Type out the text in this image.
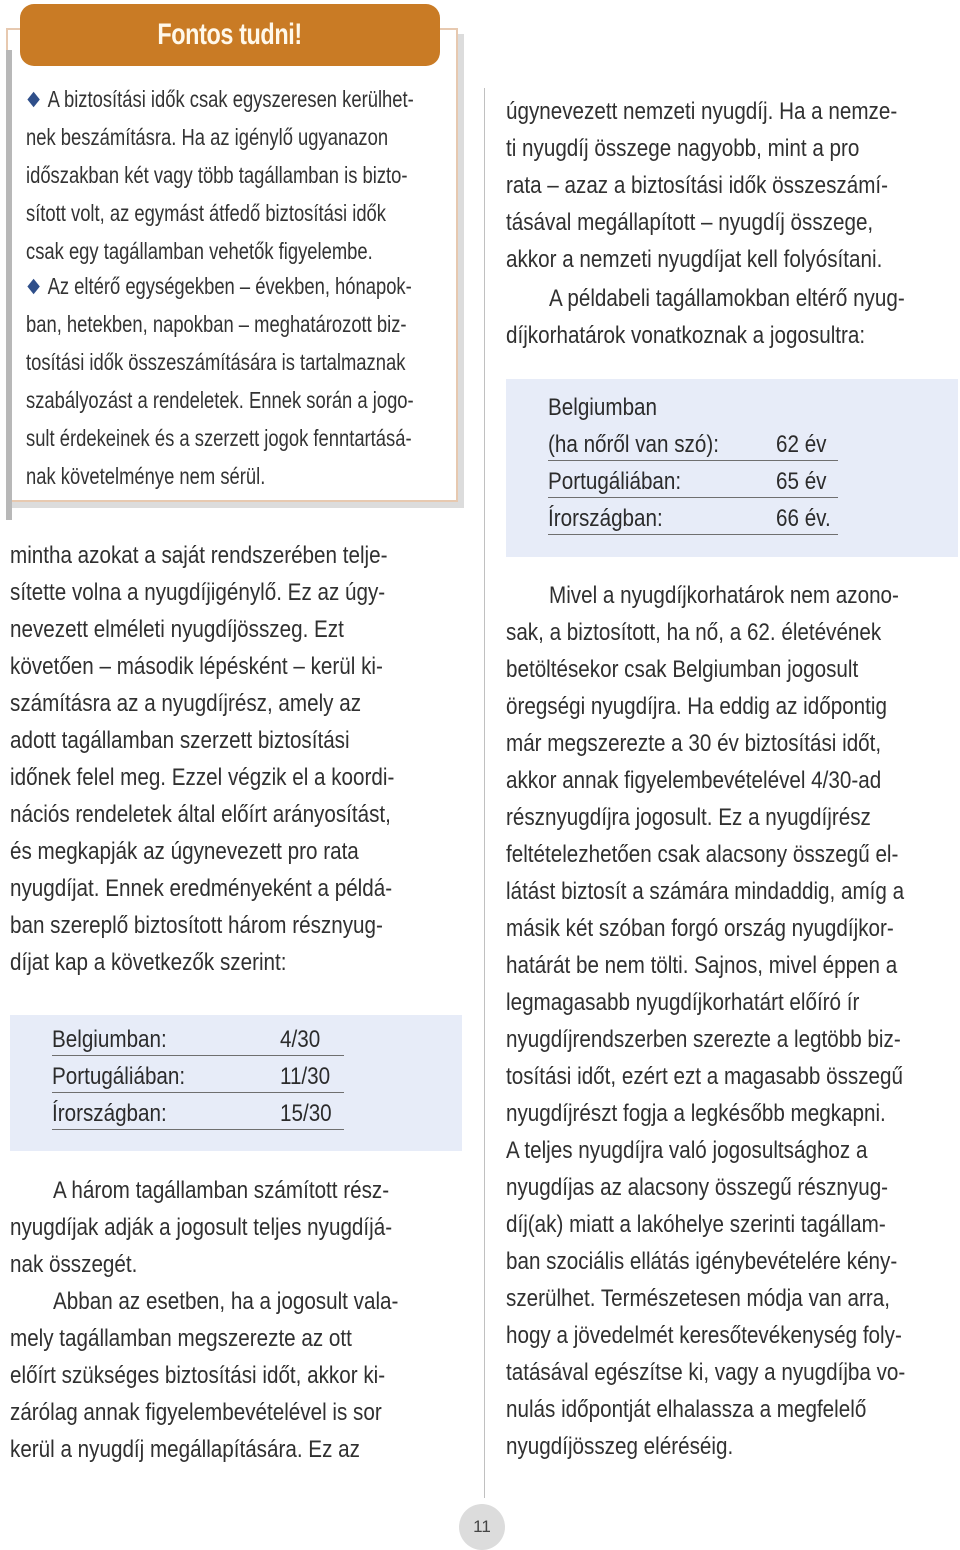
Fontos tudni!
A biztosítási idők csak egyszeresen kerülhet-
nek beszámításra. Ha az igénylő ugyanazon
időszakban két vagy több tagállamban is bizto-
sított volt, az egymást átfedő biztosítási idők
csak egy tagállamban vehetők figyelembe.
Az eltérő egységekben – években, hónapok-
ban, hetekben, napokban – meghatározott biz-
tosítási idők összeszámítására is tartalmaznak
szabályozást a rendeletek. Ennek során a jogo-
sult érdekeinek és a szerzett jogok fenntartásá-
nak követelménye nem sérül.
mintha azokat a saját rendszerében telje-
sítette volna a nyugdíjigénylő. Ez az úgy-
nevezett elméleti nyugdíjösszeg. Ezt
követően – második lépésként – kerül ki-
számításra az a nyugdíjrész, amely az
adott tagállamban szerzett biztosítási
időnek felel meg. Ezzel végzik el a koordi-
nációs rendeletek által előírt arányosítást,
és megkapják az úgynevezett pro rata
nyugdíjat. Ennek eredményeként a példá-
ban szereplő biztosított három résznyug-
díjat kap a következők szerint:
Belgiumban:	4/30

Portugáliában:	11/30

Írországban:	15/30

A három tagállamban számított rész-
nyugdíjak adják a jogosult teljes nyugdíjá-
nak összegét.
Abban az esetben, ha a jogosult vala-
mely tagállamban megszerezte az ott
előírt szükséges biztosítási időt, akkor ki-
zárólag annak figyelembevételével is sor
kerül a nyugdíj megállapítására. Ez az
úgynevezett nemzeti nyugdíj. Ha a nemze-
ti nyugdíj összege nagyobb, mint a pro
rata – azaz a biztosítási idők összeszámí-
tásával megállapított – nyugdíj összege,
akkor a nemzeti nyugdíjat kell folyósítani.
A példabeli tagállamokban eltérő nyug-
díjkorhatárok vonatkoznak a jogosultra:
Belgiumban

(ha nőről van szó): 62 év

Portugáliában:	65 év

Írországban:	66 év.

Mivel a nyugdíjkorhatárok nem azono-
sak, a biztosított, ha nő, a 62. életévének
betöltésekor csak Belgiumban jogosult
öregségi nyugdíjra. Ha eddig az időpontig
már megszerezte a 30 év biztosítási időt,
akkor annak figyelembevételével 4/30-ad
résznyugdíjra jogosult. Ez a nyugdíjrész
feltételezhetően csak alacsony összegű el-
látást biztosít a számára mindaddig, amíg a
másik két szóban forgó ország nyugdíjkor-
határát be nem tölti. Sajnos, mivel éppen a
legmagasabb nyugdíjkorhatárt előíró ír
nyugdíjrendszerben szerezte a legtöbb biz-
tosítási időt, ezért ezt a magasabb összegű
nyugdíjrészt fogja a legkésőbb megkapni.
A teljes nyugdíjra való jogosultsághoz a
nyugdíjas az alacsony összegű résznyug-
díj(ak) miatt a lakóhelye szerinti tagállam-
ban szociális ellátás igénybevételére kény-
szerülhet. Természetesen módja van arra,
hogy a jövedelmét keresőtevékenység foly-
tatásával egészítse ki, vagy a nyugdíjba vo-
nulás időpontját elhalassza a megfelelő
nyugdíjösszeg eléréséig.
11
